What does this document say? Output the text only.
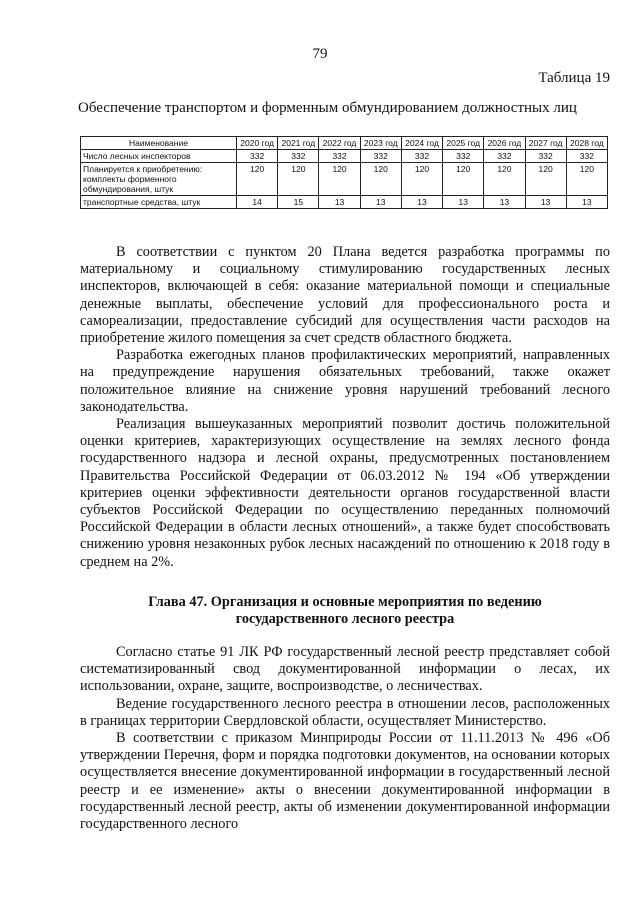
79
Таблица 19
Обеспечение транспортом и форменным обмундированием должностных лиц
Наименование	2020 год	2021 год	2022 год	2023 год	2024 год	2025 год	2026 год	2027 год	2028 год
Число лесных инспекторов	332	332	332	332	332	332	332	332	332
Планируется к приобретению: комплекты форменного обмундирования, штук	120	120	120	120	120	120	120	120	120
транспортные средства, штук	14	15	13	13	13	13	13	13	13

В соответствии с пунктом 20 Плана ведется разработка программы по материальному и социальному стимулированию государственных лесных инспекторов, включающей в себя: оказание материальной помощи и специальные денежные выплаты, обеспечение условий для профессионального роста и самореализации, предоставление субсидий для осуществления части расходов на приобретение жилого помещения за счет средств областного бюджета.

Разработка ежегодных планов профилактических мероприятий, направленных на предупреждение нарушения обязательных требований, также окажет положительное влияние на снижение уровня нарушений требований лесного законодательства.

Реализация вышеуказанных мероприятий позволит достичь положительной оценки критериев, характеризующих осуществление на землях лесного фонда государственного надзора и лесной охраны, предусмотренных постановлением Правительства Российской Федерации от 06.03.2012 № 194 «Об утверждении критериев оценки эффективности деятельности органов государственной власти субъектов Российской Федерации по осуществлению переданных полномочий Российской Федерации в области лесных отношений», а также будет способствовать снижению уровня незаконных рубок лесных насаждений по отношению к 2018 году в среднем на 2%.

Глава 47. Организация и основные мероприятия по ведению
государственного лесного реестра

Согласно статье 91 ЛК РФ государственный лесной реестр представляет собой систематизированный свод документированной информации о лесах, их использовании, охране, защите, воспроизводстве, о лесничествах.

Ведение государственного лесного реестра в отношении лесов, расположенных в границах территории Свердловской области, осуществляет Министерство.

В соответствии с приказом Минприроды России от 11.11.2013 № 496 «Об утверждении Перечня, форм и порядка подготовки документов, на основании которых осуществляется внесение документированной информации в государственный лесной реестр и ее изменение» акты о внесении документированной информации в государственный лесной реестр, акты об изменении документированной информации государственного лесного
